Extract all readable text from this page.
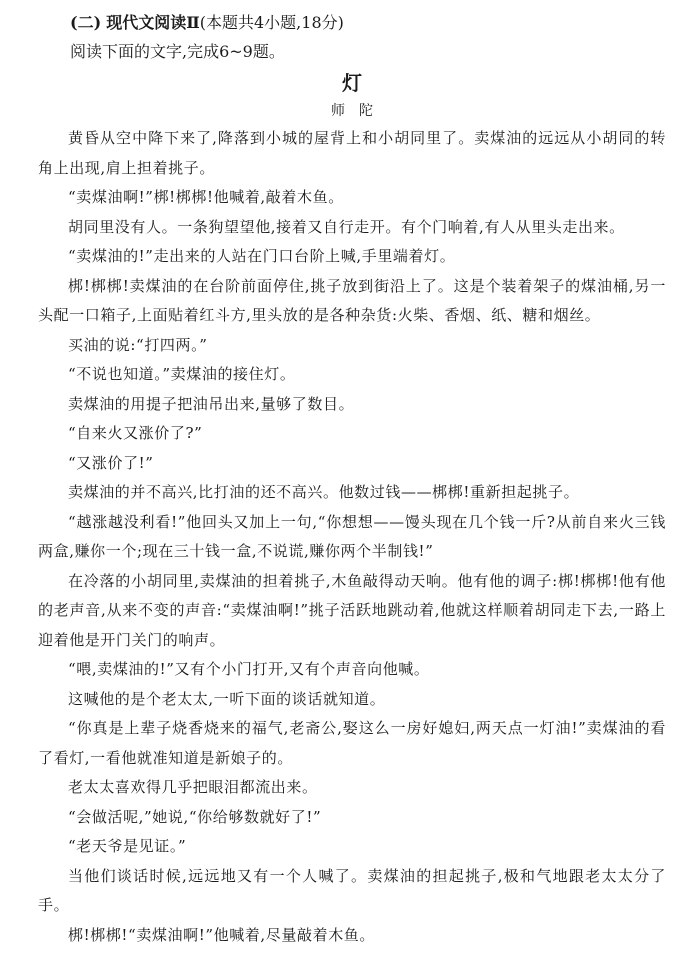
(二) 现代文阅读Ⅱ(本题共4小题,18分)

阅读下面的文字,完成6~9题。

灯

师陀

黄昏从空中降下来了,降落到小城的屋背上和小胡同里了。卖煤油的远远从小胡同的转角上出现,肩上担着挑子。

“卖煤油啊!”梆!梆梆!他喊着,敲着木鱼。

胡同里没有人。一条狗望望他,接着又自行走开。有个门响着,有人从里头走出来。

“卖煤油的!”走出来的人站在门口台阶上喊,手里端着灯。

梆!梆梆!卖煤油的在台阶前面停住,挑子放到街沿上了。这是个装着架子的煤油桶,另一头配一口箱子,上面贴着红斗方,里头放的是各种杂货:火柴、香烟、纸、糖和烟丝。

买油的说:“打四两。”

“不说也知道。”卖煤油的接住灯。

卖煤油的用提子把油吊出来,量够了数目。

“自来火又涨价了?”

“又涨价了!”

卖煤油的并不高兴,比打油的还不高兴。他数过钱——梆梆!重新担起挑子。

“越涨越没利看!”他回头又加上一句,“你想想——馒头现在几个钱一斤?从前自来火三钱两盒,赚你一个;现在三十钱一盒,不说谎,赚你两个半制钱!”

在冷落的小胡同里,卖煤油的担着挑子,木鱼敲得动天响。他有他的调子:梆!梆梆!他有他的老声音,从来不变的声音:“卖煤油啊!”挑子活跃地跳动着,他就这样顺着胡同走下去,一路上迎着他是开门关门的响声。

“喂,卖煤油的!”又有个小门打开,又有个声音向他喊。

这喊他的是个老太太,一听下面的谈话就知道。

“你真是上辈子烧香烧来的福气,老斋公,娶这么一房好媳妇,两天点一灯油!”卖煤油的看了看灯,一看他就准知道是新娘子的。

老太太喜欢得几乎把眼泪都流出来。

“会做活呢,”她说,“你给够数就好了!”

“老天爷是见证。”

当他们谈话时候,远远地又有一个人喊了。卖煤油的担起挑子,极和气地跟老太太分了手。

梆!梆梆!“卖煤油啊!”他喊着,尽量敲着木鱼。
